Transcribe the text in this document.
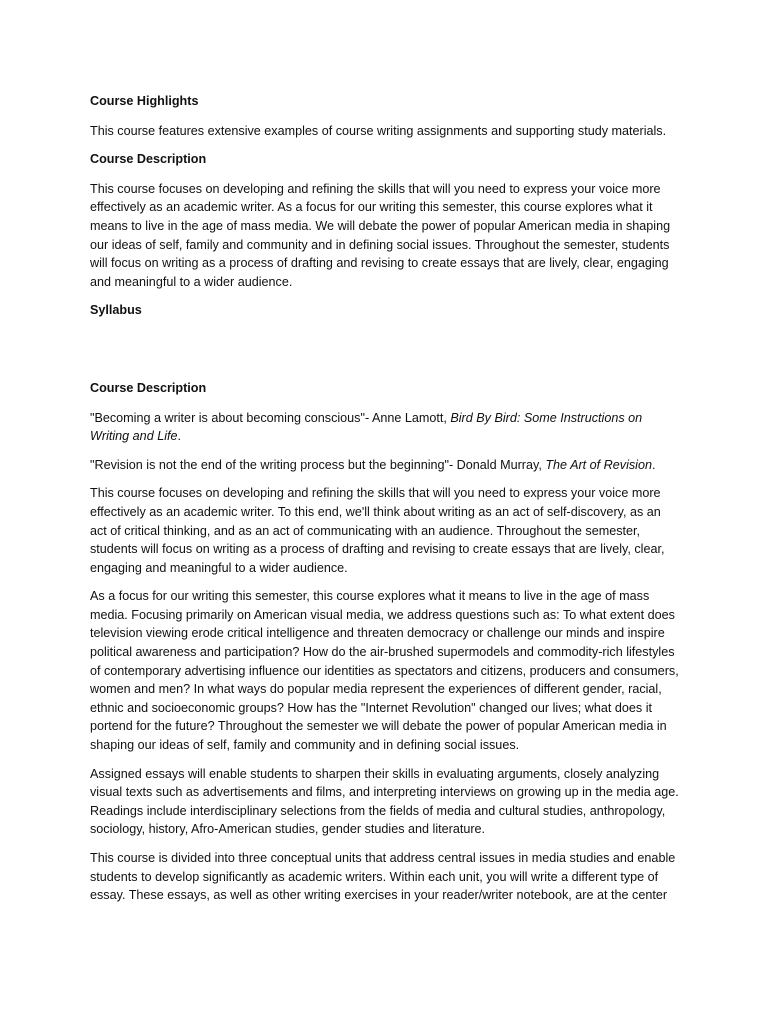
Course Highlights
This course features extensive examples of course writing assignments and supporting study materials.
Course Description
This course focuses on developing and refining the skills that will you need to express your voice more effectively as an academic writer. As a focus for our writing this semester, this course explores what it means to live in the age of mass media. We will debate the power of popular American media in shaping our ideas of self, family and community and in defining social issues. Throughout the semester, students will focus on writing as a process of drafting and revising to create essays that are lively, clear, engaging and meaningful to a wider audience.
Syllabus
Course Description
"Becoming a writer is about becoming conscious"- Anne Lamott, Bird By Bird: Some Instructions on Writing and Life.
"Revision is not the end of the writing process but the beginning"- Donald Murray, The Art of Revision.
This course focuses on developing and refining the skills that will you need to express your voice more effectively as an academic writer. To this end, we'll think about writing as an act of self-discovery, as an act of critical thinking, and as an act of communicating with an audience. Throughout the semester, students will focus on writing as a process of drafting and revising to create essays that are lively, clear, engaging and meaningful to a wider audience.
As a focus for our writing this semester, this course explores what it means to live in the age of mass media. Focusing primarily on American visual media, we address questions such as: To what extent does television viewing erode critical intelligence and threaten democracy or challenge our minds and inspire political awareness and participation? How do the air-brushed supermodels and commodity-rich lifestyles of contemporary advertising influence our identities as spectators and citizens, producers and consumers, women and men? In what ways do popular media represent the experiences of different gender, racial, ethnic and socioeconomic groups? How has the "Internet Revolution" changed our lives; what does it portend for the future? Throughout the semester we will debate the power of popular American media in shaping our ideas of self, family and community and in defining social issues.
Assigned essays will enable students to sharpen their skills in evaluating arguments, closely analyzing visual texts such as advertisements and films, and interpreting interviews on growing up in the media age. Readings include interdisciplinary selections from the fields of media and cultural studies, anthropology, sociology, history, Afro-American studies, gender studies and literature.
This course is divided into three conceptual units that address central issues in media studies and enable students to develop significantly as academic writers. Within each unit, you will write a different type of essay. These essays, as well as other writing exercises in your reader/writer notebook, are at the center
